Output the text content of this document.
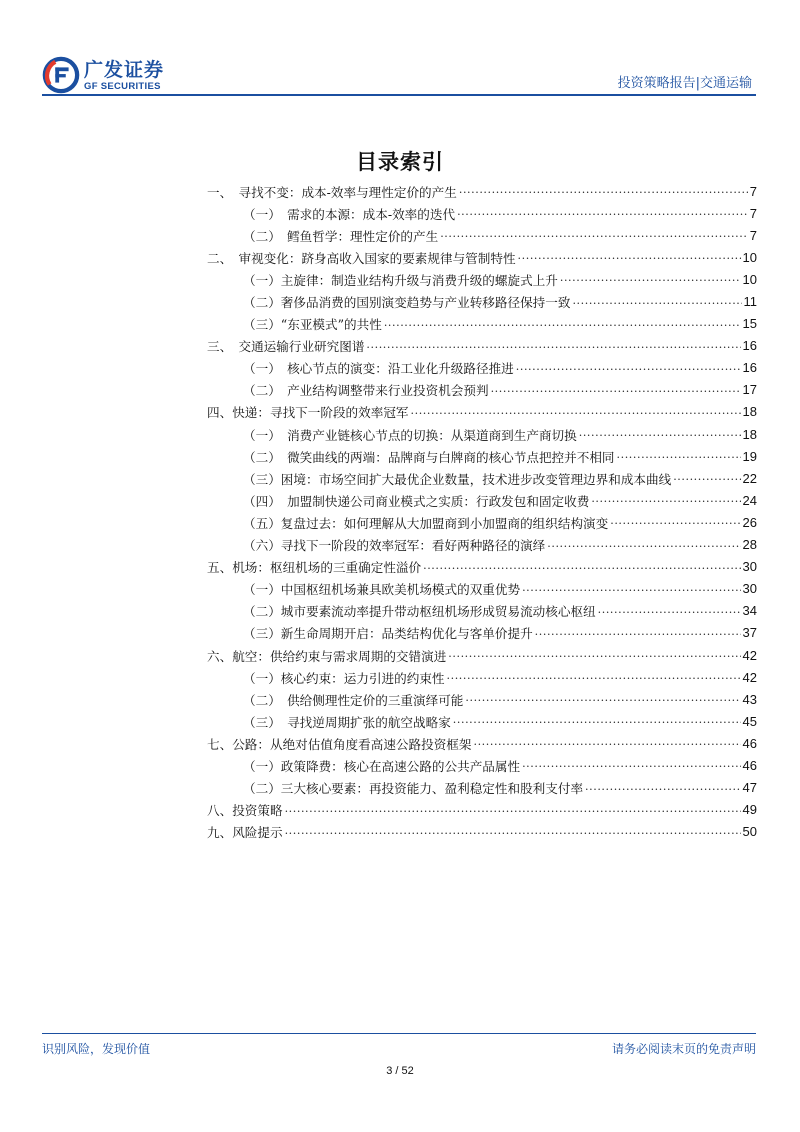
广发证券
GF SECURITIES	投资策略报告|交通运输
目录索引
一、　寻找不变：成本-效率与理性定价的产生 .....	7
（一）　需求的本源：成本-效率的迭代 .....	7
（二）　鳕鱼哲学：理性定价的产生 .....	7
二、　审视变化：跻身高收入国家的要素规律与管制特性 .....	10
（一）主旋律：制造业结构升级与消费升级的螺旋式上升 .....	10
（二）奢侈品消费的国别演变趋势与产业转移路径保持一致 .....	11
（三）“东亚模式”的共性 .....	15
三、　交通运输行业研究图谱 .....	16
（一）　核心节点的演变：沿工业化升级路径推进 .....	16
（二）　产业结构调整带来行业投资机会预判 .....	17
四、快递：寻找下一阶段的效率冠军 .....	18
（一）　消费产业链核心节点的切换：从渠道商到生产商切换 .....	18
（二）　微笑曲线的两端：品牌商与白牌商的核心节点把控并不相同 .....	19
（三）困境：市场空间扩大最优企业数量，技术进步改变管理边界和成本曲线 .....	22
（四）　加盟制快递公司商业模式之实质：行政发包和固定收费 .....	24
（五）复盘过去：如何理解从大加盟商到小加盟商的组织结构演变 .....	26
（六）寻找下一阶段的效率冠军：看好两种路径的演绎 .....	28
五、机场：枢纽机场的三重确定性溢价 .....	30
（一）中国枢纽机场兼具欧美机场模式的双重优势 .....	30
（二）城市要素流动率提升带动枢纽机场形成贸易流动核心枢纽 .....	34
（三）新生命周期开启：品类结构优化与客单价提升 .....	37
六、航空：供给约束与需求周期的交错演进 .....	42
（一）核心约束：运力引进的约束性 .....	42
（二）　供给侧理性定价的三重演绎可能 .....	43
（三）　寻找逆周期扩张的航空战略家 .....	45
七、公路：从绝对估值角度看高速公路投资框架 .....	46
（一）政策降费：核心在高速公路的公共产品属性 .....	46
（二）三大核心要素：再投资能力、盈利稳定性和股利支付率 .....	47
八、投资策略 .....	49
九、风险提示 .....	50
识别风险，发现价值	请务必阅读末页的免责声明
3 / 52
